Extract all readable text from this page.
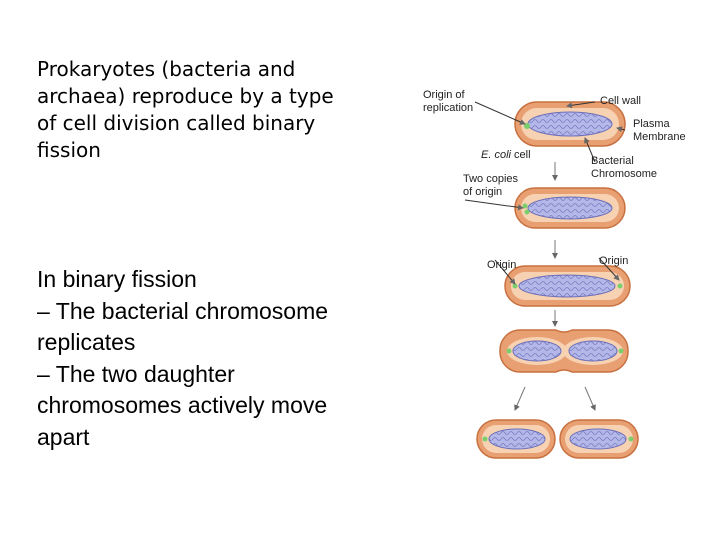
Prokaryotes (bacteria and

archaea) reproduce by a type

of cell division called binary

fission

In binary fission
– The bacterial chromosome
replicates
– The two daughter
chromosomes actively move
apart
Origin of
replication
Cell wall
Plasma
Membrane
E. coli cell	Bacterial
Chromosome
Two copies
of origin
Origin	Origin
